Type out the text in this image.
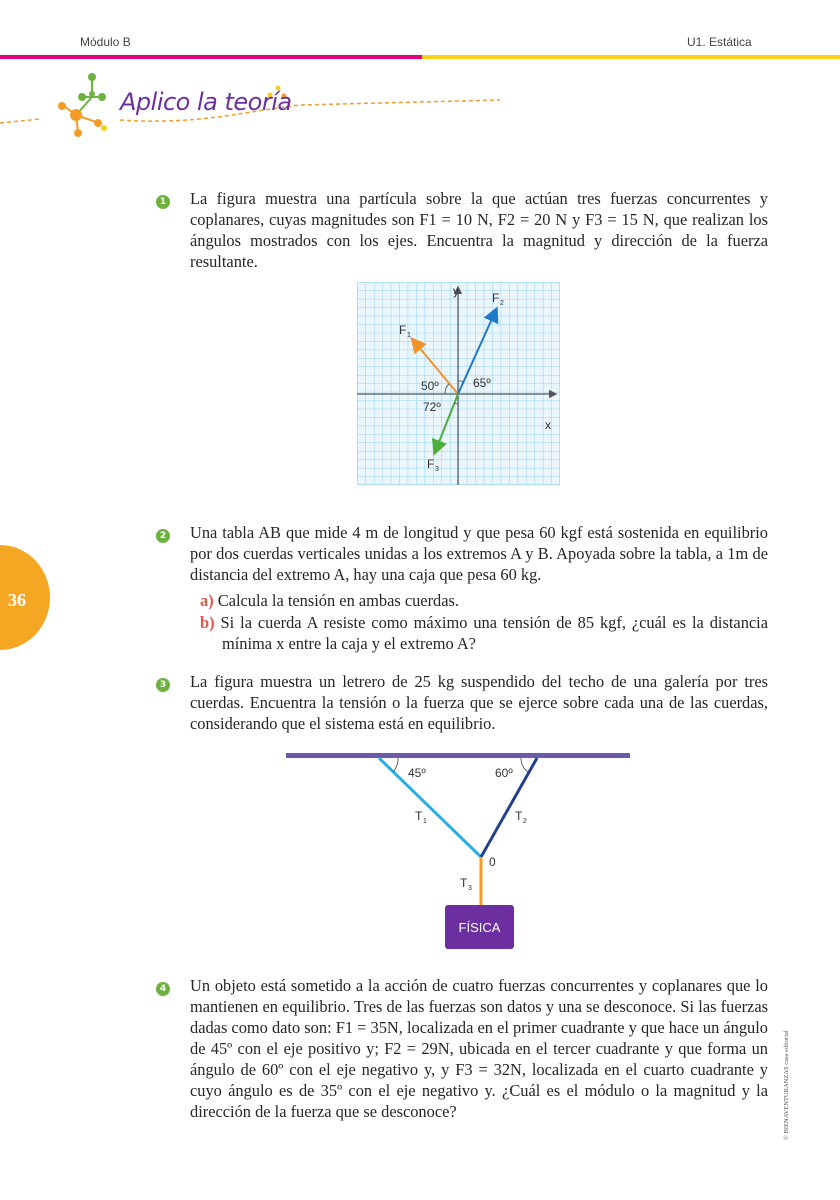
Módulo B	U1. Estática
Aplico la teoría
1 La figura muestra una partícula sobre la que actúan tres fuerzas concurrentes y coplanares, cuyas magnitudes son F1 = 10 N, F2 = 20 N y F3 = 15 N, que realizan los ángulos mostrados con los ejes. Encuentra la magnitud y dirección de la fuerza resultante.
x
y
50º	65º
72º
F 1
F 2
F 3
36
2 Una tabla AB que mide 4 m de longitud y que pesa 60 kgf está sostenida en equilibrio por dos cuerdas verticales unidas a los extremos A y B. Apoyada sobre la tabla, a 1m de distancia del extremo A, hay una caja que pesa 60 kg.
a) Calcula la tensión en ambas cuerdas.
b) Si la cuerda A resiste como máximo una tensión de 85 kgf, ¿cuál es la distancia mínima x entre la caja y el extremo A?
3 La figura muestra un letrero de 25 kg suspendido del techo de una galería por tres cuerdas. Encuentra la tensión o la fuerza que se ejerce sobre cada una de las cuerdas, considerando que el sistema está en equilibrio.
45º	60º
T 1	T 2
0
T 3
FÍSICA
4 Un objeto está sometido a la acción de cuatro fuerzas concurrentes y coplanares que lo mantienen en equilibrio. Tres de las fuerzas son datos y una se desconoce. Si las fuerzas dadas como dato son: F1 = 35N, localizada en el primer cuadrante y que hace un ángulo de 45º con el eje positivo y; F2 = 29N, ubicada en el tercer cuadrante y que forma un ángulo de 60º con el eje negativo y, y F3 = 32N, localizada en el cuarto cuadrante y cuyo ángulo es de 35º con el eje negativo y. ¿Cuál es el módulo o la magnitud y la dirección de la fuerza que se desconoce?	© BIENAVENTURANZAS casa editorial
